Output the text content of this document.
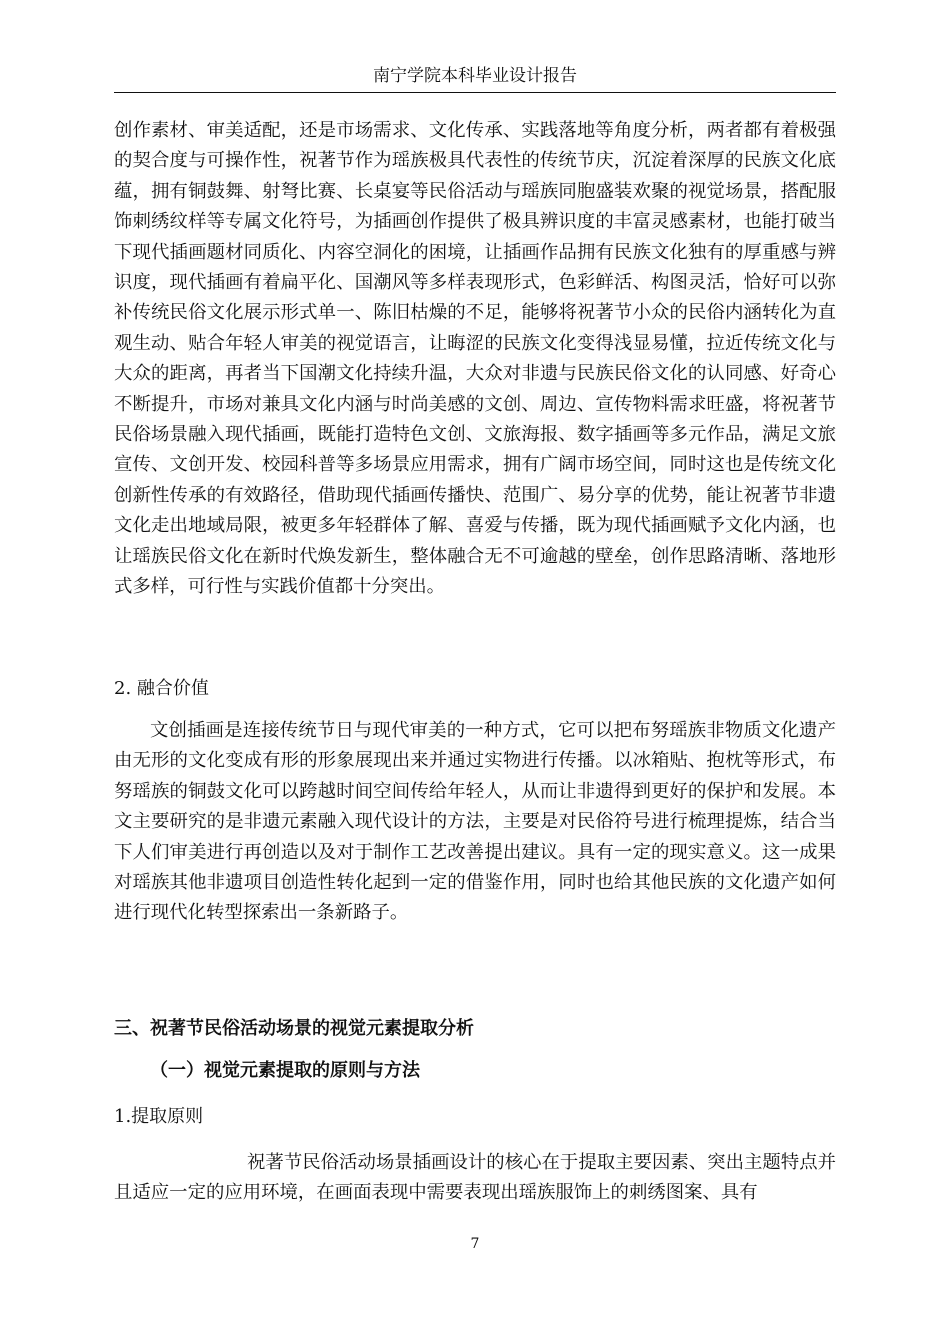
南宁学院本科毕业设计报告

创作素材、审美适配，还是市场需求、文化传承、实践落地等角度分析，两者都有着极强的契合度与可操作性，祝著节作为瑶族极具代表性的传统节庆，沉淀着深厚的民族文化底蕴，拥有铜鼓舞、射弩比赛、长桌宴等民俗活动与瑶族同胞盛装欢聚的视觉场景，搭配服饰刺绣纹样等专属文化符号，为插画创作提供了极具辨识度的丰富灵感素材，也能打破当下现代插画题材同质化、内容空洞化的困境，让插画作品拥有民族文化独有的厚重感与辨识度，现代插画有着扁平化、国潮风等多样表现形式，色彩鲜活、构图灵活，恰好可以弥补传统民俗文化展示形式单一、陈旧枯燥的不足，能够将祝著节小众的民俗内涵转化为直观生动、贴合年轻人审美的视觉语言，让晦涩的民族文化变得浅显易懂，拉近传统文化与大众的距离，再者当下国潮文化持续升温，大众对非遗与民族民俗文化的认同感、好奇心不断提升，市场对兼具文化内涵与时尚美感的文创、周边、宣传物料需求旺盛，将祝著节民俗场景融入现代插画，既能打造特色文创、文旅海报、数字插画等多元作品，满足文旅宣传、文创开发、校园科普等多场景应用需求，拥有广阔市场空间，同时这也是传统文化创新性传承的有效路径，借助现代插画传播快、范围广、易分享的优势，能让祝著节非遗文化走出地域局限，被更多年轻群体了解、喜爱与传播，既为现代插画赋予文化内涵，也让瑶族民俗文化在新时代焕发新生，整体融合无不可逾越的壁垒，创作思路清晰、落地形式多样，可行性与实践价值都十分突出。

2. 融合价值

文创插画是连接传统节日与现代审美的一种方式，它可以把布努瑶族非物质文化遗产由无形的文化变成有形的形象展现出来并通过实物进行传播。以冰箱贴、抱枕等形式，布努瑶族的铜鼓文化可以跨越时间空间传给年轻人，从而让非遗得到更好的保护和发展。本文主要研究的是非遗元素融入现代设计的方法，主要是对民俗符号进行梳理提炼，结合当下人们审美进行再创造以及对于制作工艺改善提出建议。具有一定的现实意义。这一成果对瑶族其他非遗项目创造性转化起到一定的借鉴作用，同时也给其他民族的文化遗产如何进行现代化转型探索出一条新路子。

三、祝著节民俗活动场景的视觉元素提取分析

（一）视觉元素提取的原则与方法

1.提取原则

祝著节民俗活动场景插画设计的核心在于提取主要因素、突出主题特点并且适应一定的应用环境，在画面表现中需要表现出瑶族服饰上的刺绣图案、具有

7
